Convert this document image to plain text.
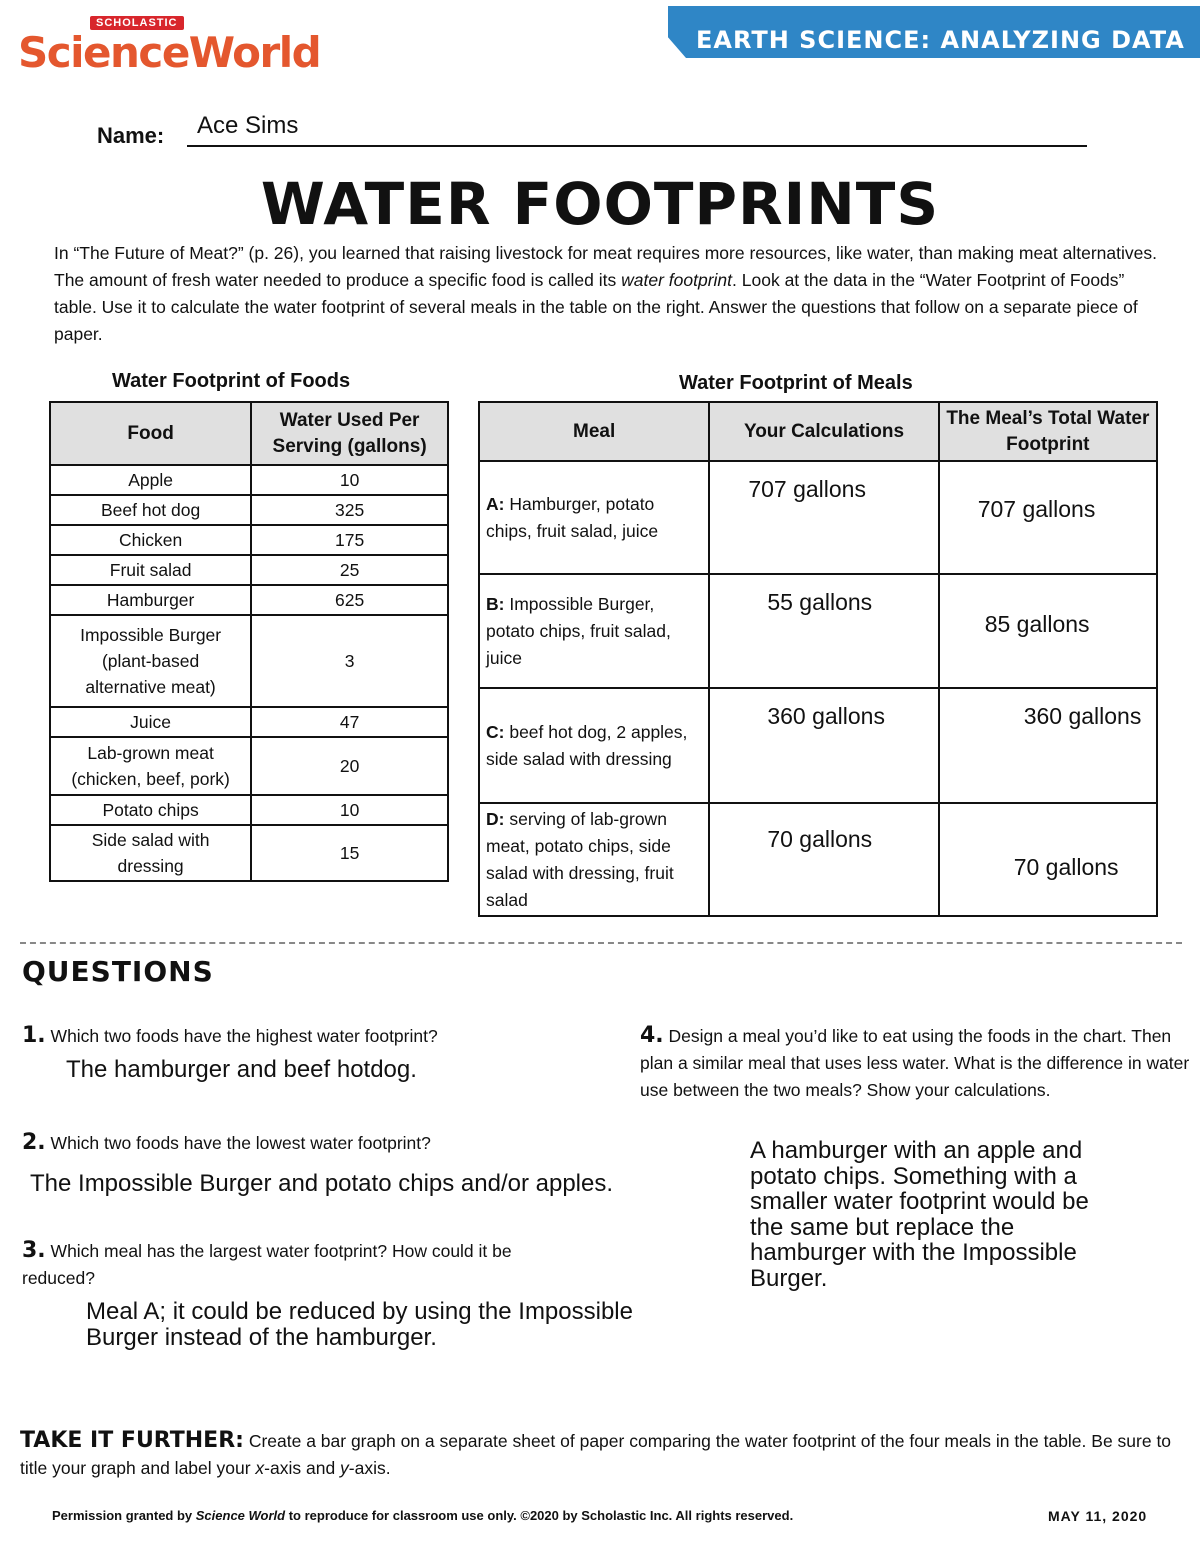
SCHOLASTIC
ScienceWorld	EARTH SCIENCE: ANALYZING DATA
Name: Ace Sims
WATER FOOTPRINTS
In “The Future of Meat?” (p. 26), you learned that raising livestock for meat requires more resources, like water, than making meat alternatives. The amount of fresh water needed to produce a specific food is called its water footprint. Look at the data in the “Water Footprint of Foods” table. Use it to calculate the water footprint of several meals in the table on the right. Answer the questions that follow on a separate piece of paper.
Water Footprint of Foods
Food	Water Used Per Serving (gallons)
Apple	10
Beef hot dog	325
Chicken	175
Fruit salad	25
Hamburger	625
Impossible Burger (plant-based alternative meat)	3
Juice	47
Lab-grown meat (chicken, beef, pork)	20
Potato chips	10
Side salad with dressing	15
Water Footprint of Meals
Meal	Your Calculations	The Meal’s Total Water Footprint
A: Hamburger, potato chips, fruit salad, juice	707 gallons	707 gallons

B: Impossible Burger, potato chips, fruit salad, juice	55 gallons	85 gallons

C: beef hot dog, 2 apples, side salad with dressing	360 gallons	360 gallons

D: serving of lab-grown meat, potato chips, side salad with dressing, fruit salad	70 gallons	70 gallons
QUESTIONS
1. Which two foods have the highest water footprint?
The hamburger and beef hotdog.
2. Which two foods have the lowest water footprint?
The Impossible Burger and potato chips and/or apples.
3. Which meal has the largest water footprint? How could it be reduced?
Meal A; it could be reduced by using the Impossible Burger instead of the hamburger.
4. Design a meal you’d like to eat using the foods in the chart. Then plan a similar meal that uses less water. What is the difference in water use between the two meals? Show your calculations.
A hamburger with an apple and potato chips. Something with a smaller water footprint would be the same but replace the hamburger with the Impossible Burger.
TAKE IT FURTHER: Create a bar graph on a separate sheet of paper comparing the water footprint of the four meals in the table. Be sure to title your graph and label your x-axis and y-axis.
Permission granted by Science World to reproduce for classroom use only. ©2020 by Scholastic Inc. All rights reserved.	MAY 11, 2020
